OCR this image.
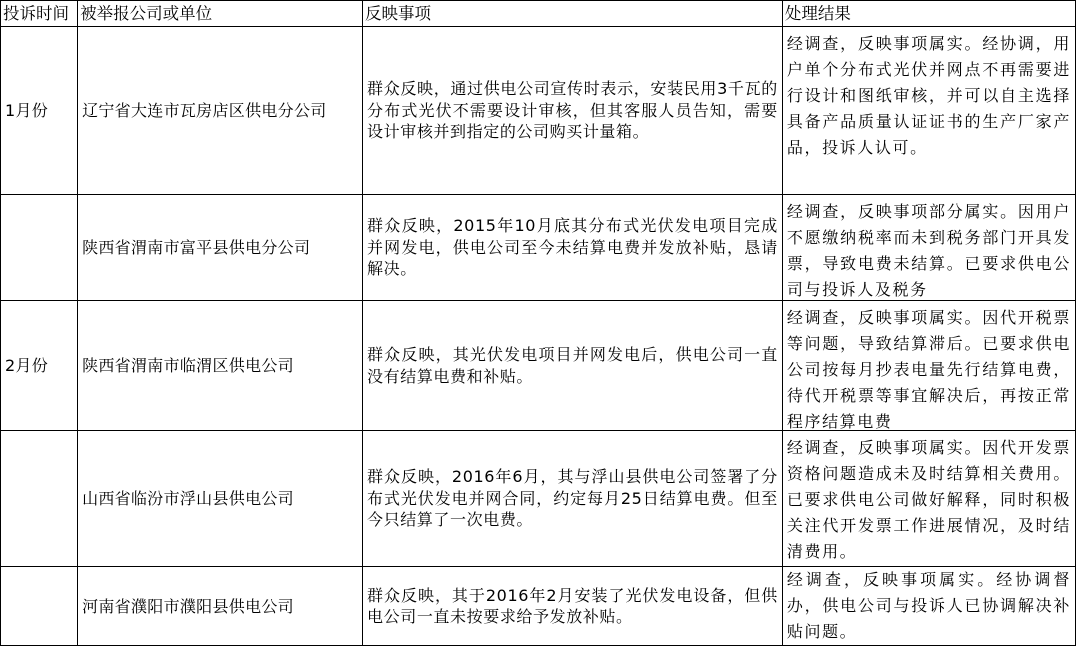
投诉时间	被举报公司或单位	反映事项	处理结果

1月份	辽宁省大连市瓦房店区供电分公司	群众反映，通过供电公司宣传时表示，安装民用3千瓦的分布式光伏不需要设计审核，但其客服人员告知，需要设计审核并到指定的公司购买计量箱。	经调查，反映事项属实。经协调，用户单个分布式光伏并网点不再需要进行设计和图纸审核，并可以自主选择具备产品质量认证证书的生产厂家产品，投诉人认可。

	陕西省渭南市富平县供电分公司	群众反映，2015年10月底其分布式光伏发电项目完成并网发电，供电公司至今未结算电费并发放补贴，恳请解决。	经调查，反映事项部分属实。因用户不愿缴纳税率而未到税务部门开具发票，导致电费未结算。已要求供电公司与投诉人及税务

2月份	陕西省渭南市临渭区供电公司	群众反映，其光伏发电项目并网发电后，供电公司一直没有结算电费和补贴。	经调查，反映事项属实。因代开税票等问题，导致结算滞后。已要求供电公司按每月抄表电量先行结算电费，待代开税票等事宜解决后，再按正常程序结算电费

	山西省临汾市浮山县供电公司	群众反映，2016年6月，其与浮山县供电公司签署了分布式光伏发电并网合同，约定每月25日结算电费。但至今只结算了一次电费。	经调查，反映事项属实。因代开发票资格问题造成未及时结算相关费用。已要求供电公司做好解释，同时积极关注代开发票工作进展情况，及时结清费用。

	河南省濮阳市濮阳县供电公司	群众反映，其于2016年2月安装了光伏发电设备，但供电公司一直未按要求给予发放补贴。	经调查，反映事项属实。经协调督办，供电公司与投诉人已协调解决补贴问题。
